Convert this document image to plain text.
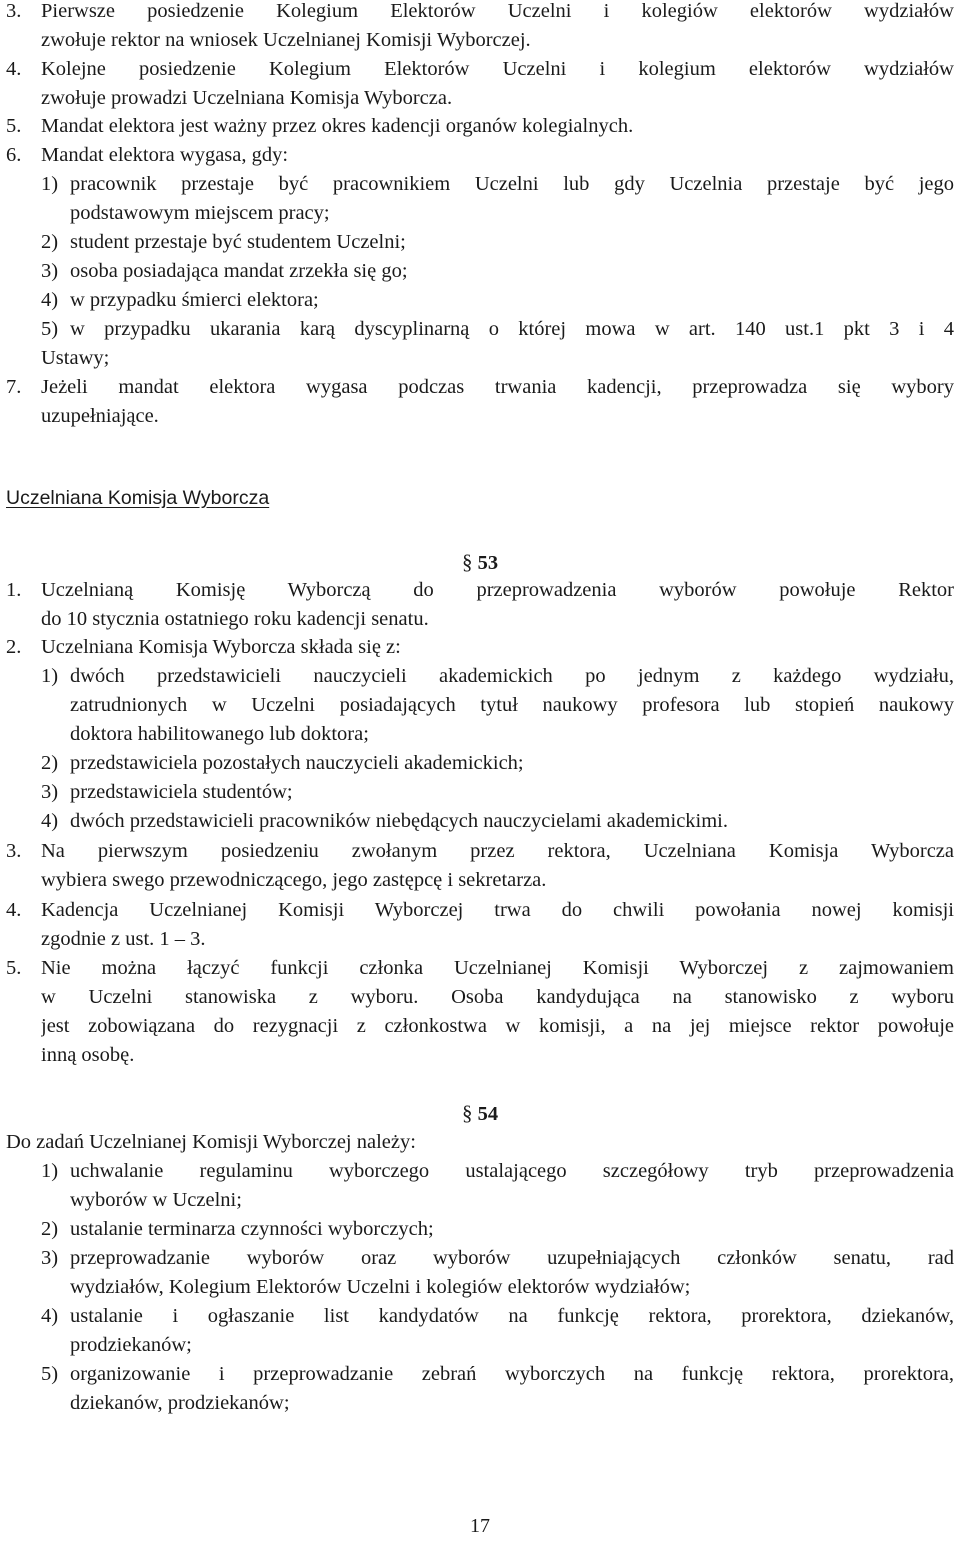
Pierwsze posiedzenie Kolegium Elektorów Uczelni i kolegiów elektorów wydziałów
3.
zwołuje rektor na wniosek Uczelnianej Komisji Wyborczej.
Kolejne posiedzenie Kolegium Elektorów Uczelni i kolegium elektorów wydziałów
4.
zwołuje prowadzi Uczelniana Komisja Wyborcza.
Mandat elektora jest ważny przez okres kadencji organów kolegialnych.
5.
Mandat elektora wygasa, gdy:
6.
pracownik przestaje być pracownikiem Uczelni lub gdy Uczelnia przestaje być jego
1)
podstawowym miejscem pracy;
student przestaje być studentem Uczelni;
2)
osoba posiadająca mandat zrzekła się go;
3)
w przypadku śmierci elektora;
4)
w przypadku ukarania karą dyscyplinarną o której mowa w art. 140 ust.1 pkt 3 i 4
5)
Ustawy;
Jeżeli mandat elektora wygasa podczas trwania kadencji, przeprowadza się wybory
7.
uzupełniające.
Uczelnianą Komisję Wyborczą do przeprowadzenia wyborów powołuje Rektor
1.
do 10 stycznia ostatniego roku kadencji senatu.
Uczelniana Komisja Wyborcza składa się z:
2.
dwóch przedstawicieli nauczycieli akademickich po jednym z każdego wydziału,
1)
zatrudnionych w Uczelni posiadających tytuł naukowy profesora lub stopień naukowy
doktora habilitowanego lub doktora;
przedstawiciela pozostałych nauczycieli akademickich;
2)
przedstawiciela studentów;
3)
dwóch przedstawicieli pracowników niebędących nauczycielami akademickimi.
4)
Na pierwszym posiedzeniu zwołanym przez rektora, Uczelniana Komisja Wyborcza
3.
wybiera swego przewodniczącego, jego zastępcę i sekretarza.
Kadencja Uczelnianej Komisji Wyborczej trwa do chwili powołania nowej komisji
4.
zgodnie z ust. 1 – 3.
Nie można łączyć funkcji członka Uczelnianej Komisji Wyborczej z zajmowaniem
5.
w Uczelni stanowiska z wyboru. Osoba kandydująca na stanowisko z wyboru
jest zobowiązana do rezygnacji z członkostwa w komisji, a na jej miejsce rektor powołuje
inną osobę.
uchwalanie regulaminu wyborczego ustalającego szczegółowy tryb przeprowadzenia
1)
wyborów w Uczelni;
ustalanie terminarza czynności wyborczych;
2)
przeprowadzanie wyborów oraz wyborów uzupełniających członków senatu, rad
3)
wydziałów, Kolegium Elektorów Uczelni i kolegiów elektorów wydziałów;
ustalanie i ogłaszanie list kandydatów na funkcję rektora, prorektora, dziekanów,
4)
prodziekanów;
organizowanie i przeprowadzanie zebrań wyborczych na funkcję rektora, prorektora,
5)
dziekanów, prodziekanów;
Uczelniana Komisja Wyborcza
§ 53
§ 54
Do zadań Uczelnianej Komisji Wyborczej należy:
17
